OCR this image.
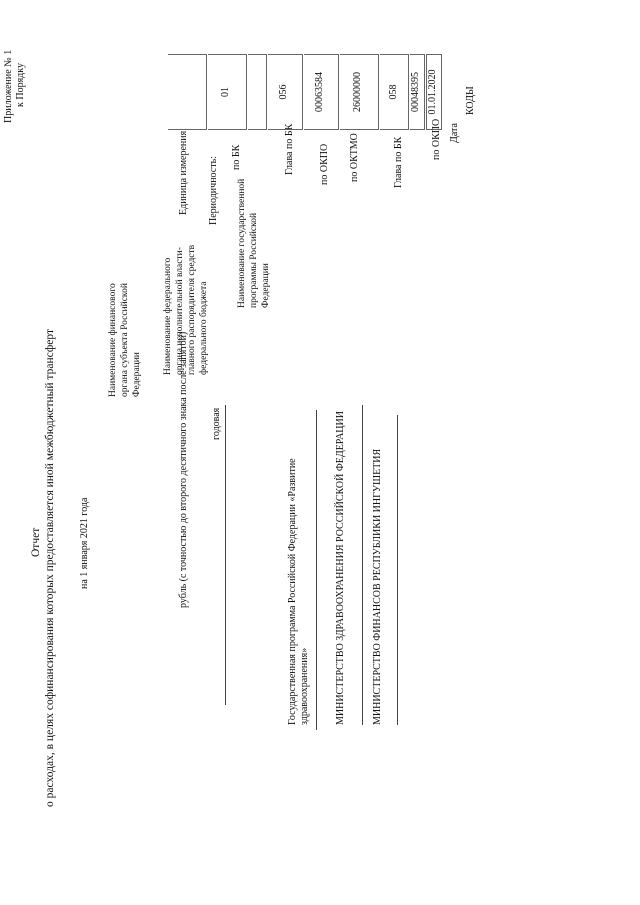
Приложение № 1 к Порядку
Отчет о расходах, в целях софинансирования которых предоставляется иной межбюджетный трансферт на 1 января 2021 года
Наименование финансового органа субъекта Российской Федерации Наименование федерального органа исполнительной власти-главного распорядителя средств федерального бюджета
Наименование государственной программы Российской Федерации
Периодичность:
Единица измерения:
МИНИСТЕРСТВО ФИНАНСОВ РЕСПУБЛИКИ ИНГУШЕТИЯ
МИНИСТЕРСТВО ЗДРАВООХРАНЕНИЯ РОССИЙСКОЙ ФЕДЕРАЦИИ
Государственная программа Российской Федерации «Развитие здравоохранения»
годовая
рубль (с точностью до второго десятичного знака после запятой)
Дата
по ОКПО
Глава по БК
по ОКТМО
по ОКПО
Глава по БК
по БК
КОДЫ
01.01.2020
00048395
058
26000000
00063584
056
01
